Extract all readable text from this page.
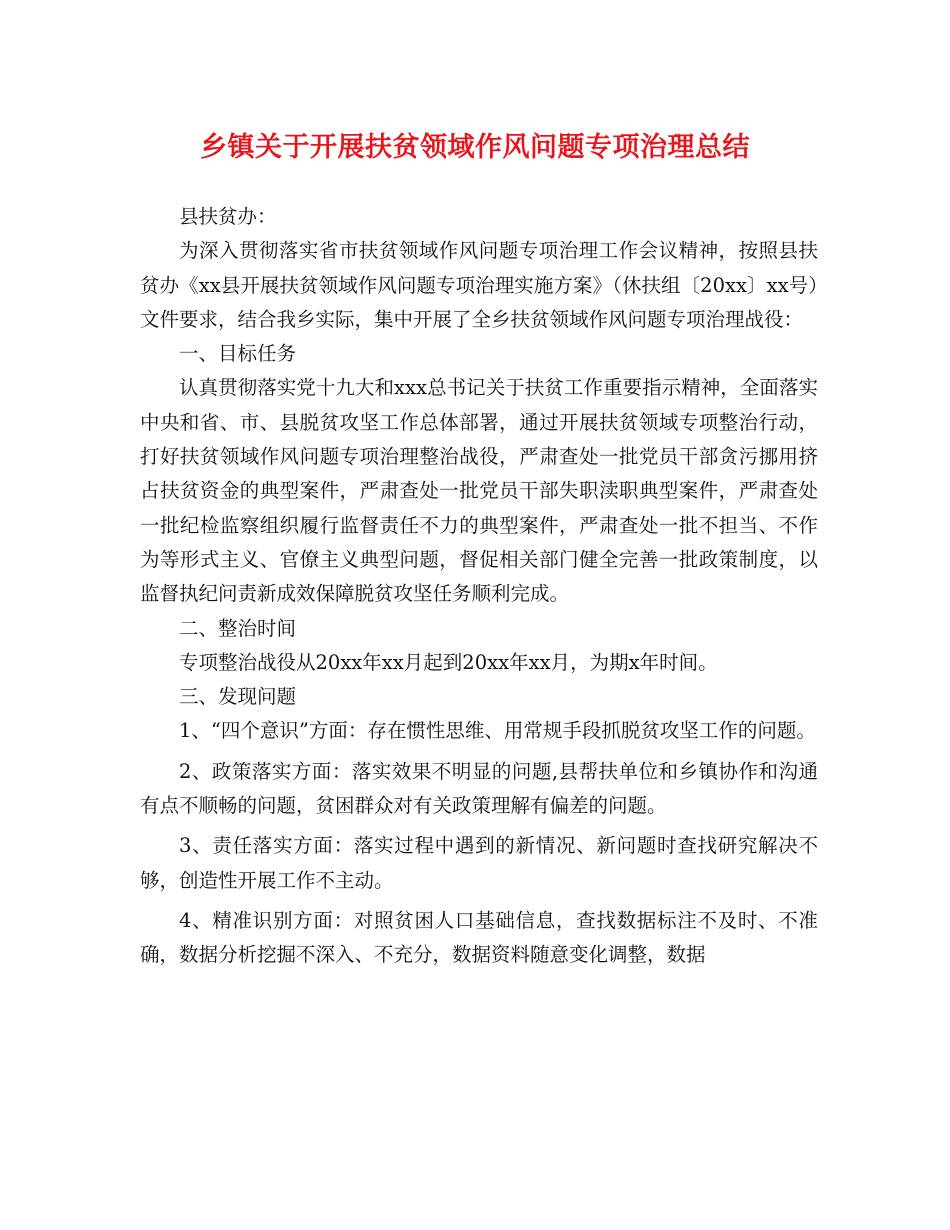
乡镇关于开展扶贫领域作风问题专项治理总结

县扶贫办：

为深入贯彻落实省市扶贫领域作风问题专项治理工作会议精神，按照县扶贫办《xx县开展扶贫领域作风问题专项治理实施方案》（休扶组〔20xx〕xx号）文件要求，结合我乡实际，集中开展了全乡扶贫领域作风问题专项治理战役：

一、目标任务

认真贯彻落实党十九大和xxx总书记关于扶贫工作重要指示精神，全面落实中央和省、市、县脱贫攻坚工作总体部署，通过开展扶贫领域专项整治行动，打好扶贫领域作风问题专项治理整治战役，严肃查处一批党员干部贪污挪用挤占扶贫资金的典型案件，严肃查处一批党员干部失职渎职典型案件，严肃查处一批纪检监察组织履行监督责任不力的典型案件，严肃查处一批不担当、不作为等形式主义、官僚主义典型问题，督促相关部门健全完善一批政策制度，以监督执纪问责新成效保障脱贫攻坚任务顺利完成。

二、整治时间

专项整治战役从20xx年xx月起到20xx年xx月，为期x年时间。

三、发现问题

1、“四个意识”方面：存在惯性思维、用常规手段抓脱贫攻坚工作的问题。

2、政策落实方面：落实效果不明显的问题,县帮扶单位和乡镇协作和沟通有点不顺畅的问题，贫困群众对有关政策理解有偏差的问题。

3、责任落实方面：落实过程中遇到的新情况、新问题时查找研究解决不够，创造性开展工作不主动。

4、精准识别方面：对照贫困人口基础信息，查找数据标注不及时、不准确，数据分析挖掘不深入、不充分，数据资料随意变化调整，数据
